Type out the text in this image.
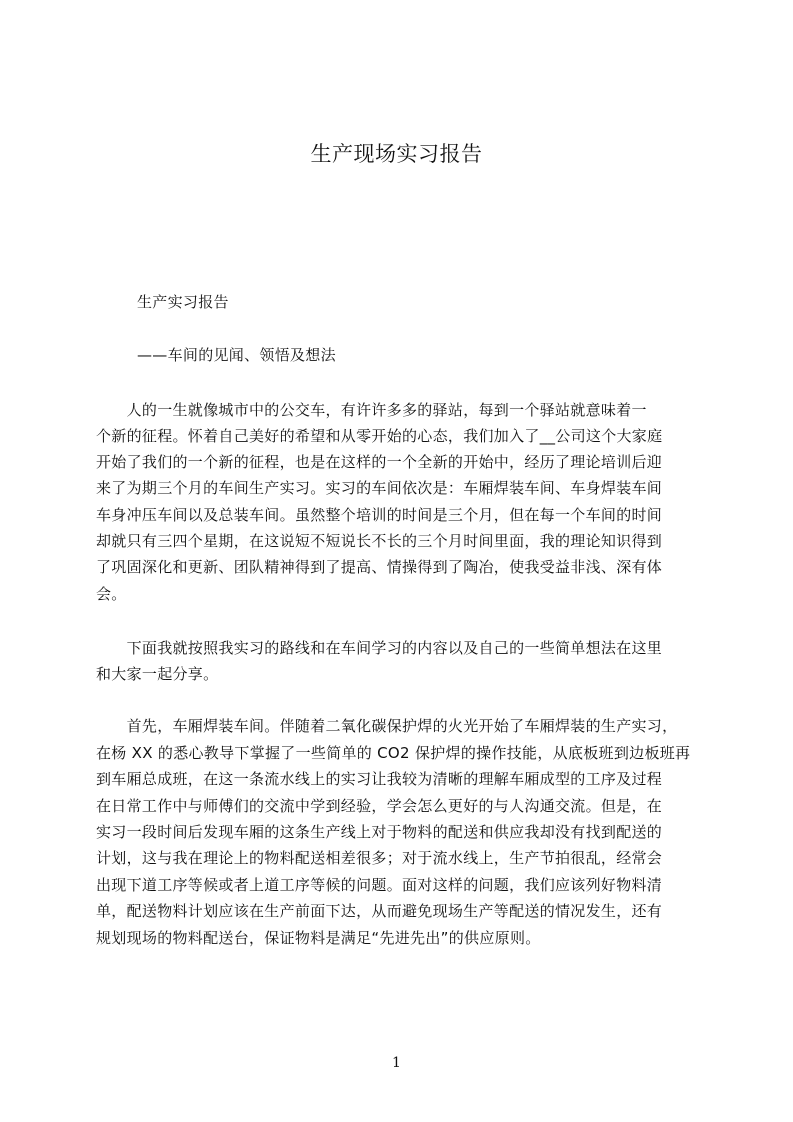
生产现场实习报告
生产实习报告
——车间的见闻、领悟及想法
　　人的一生就像城市中的公交车，有许许多多的驿站，每到一个驿站就意味着一
个新的征程。怀着自己美好的希望和从零开始的心态，我们加入了__公司这个大家庭
开始了我们的一个新的征程，也是在这样的一个全新的开始中，经历了理论培训后迎
来了为期三个月的车间生产实习。实习的车间依次是：车厢焊装车间、车身焊装车间
车身冲压车间以及总装车间。虽然整个培训的时间是三个月，但在每一个车间的时间
却就只有三四个星期，在这说短不短说长不长的三个月时间里面，我的理论知识得到
了巩固深化和更新、团队精神得到了提高、情操得到了陶冶，使我受益非浅、深有体
会。
　　下面我就按照我实习的路线和在车间学习的内容以及自己的一些简单想法在这里
和大家一起分享。
　　首先，车厢焊装车间。伴随着二氧化碳保护焊的火光开始了车厢焊装的生产实习，
在杨 XX 的悉心教导下掌握了一些简单的 CO2 保护焊的操作技能，从底板班到边板班再
到车厢总成班，在这一条流水线上的实习让我较为清晰的理解车厢成型的工序及过程
在日常工作中与师傅们的交流中学到经验，学会怎么更好的与人沟通交流。但是，在
实习一段时间后发现车厢的这条生产线上对于物料的配送和供应我却没有找到配送的
计划，这与我在理论上的物料配送相差很多；对于流水线上，生产节拍很乱，经常会
出现下道工序等候或者上道工序等候的问题。面对这样的问题，我们应该列好物料清
单，配送物料计划应该在生产前面下达，从而避免现场生产等配送的情况发生，还有
规划现场的物料配送台，保证物料是满足“先进先出”的供应原则。
1
